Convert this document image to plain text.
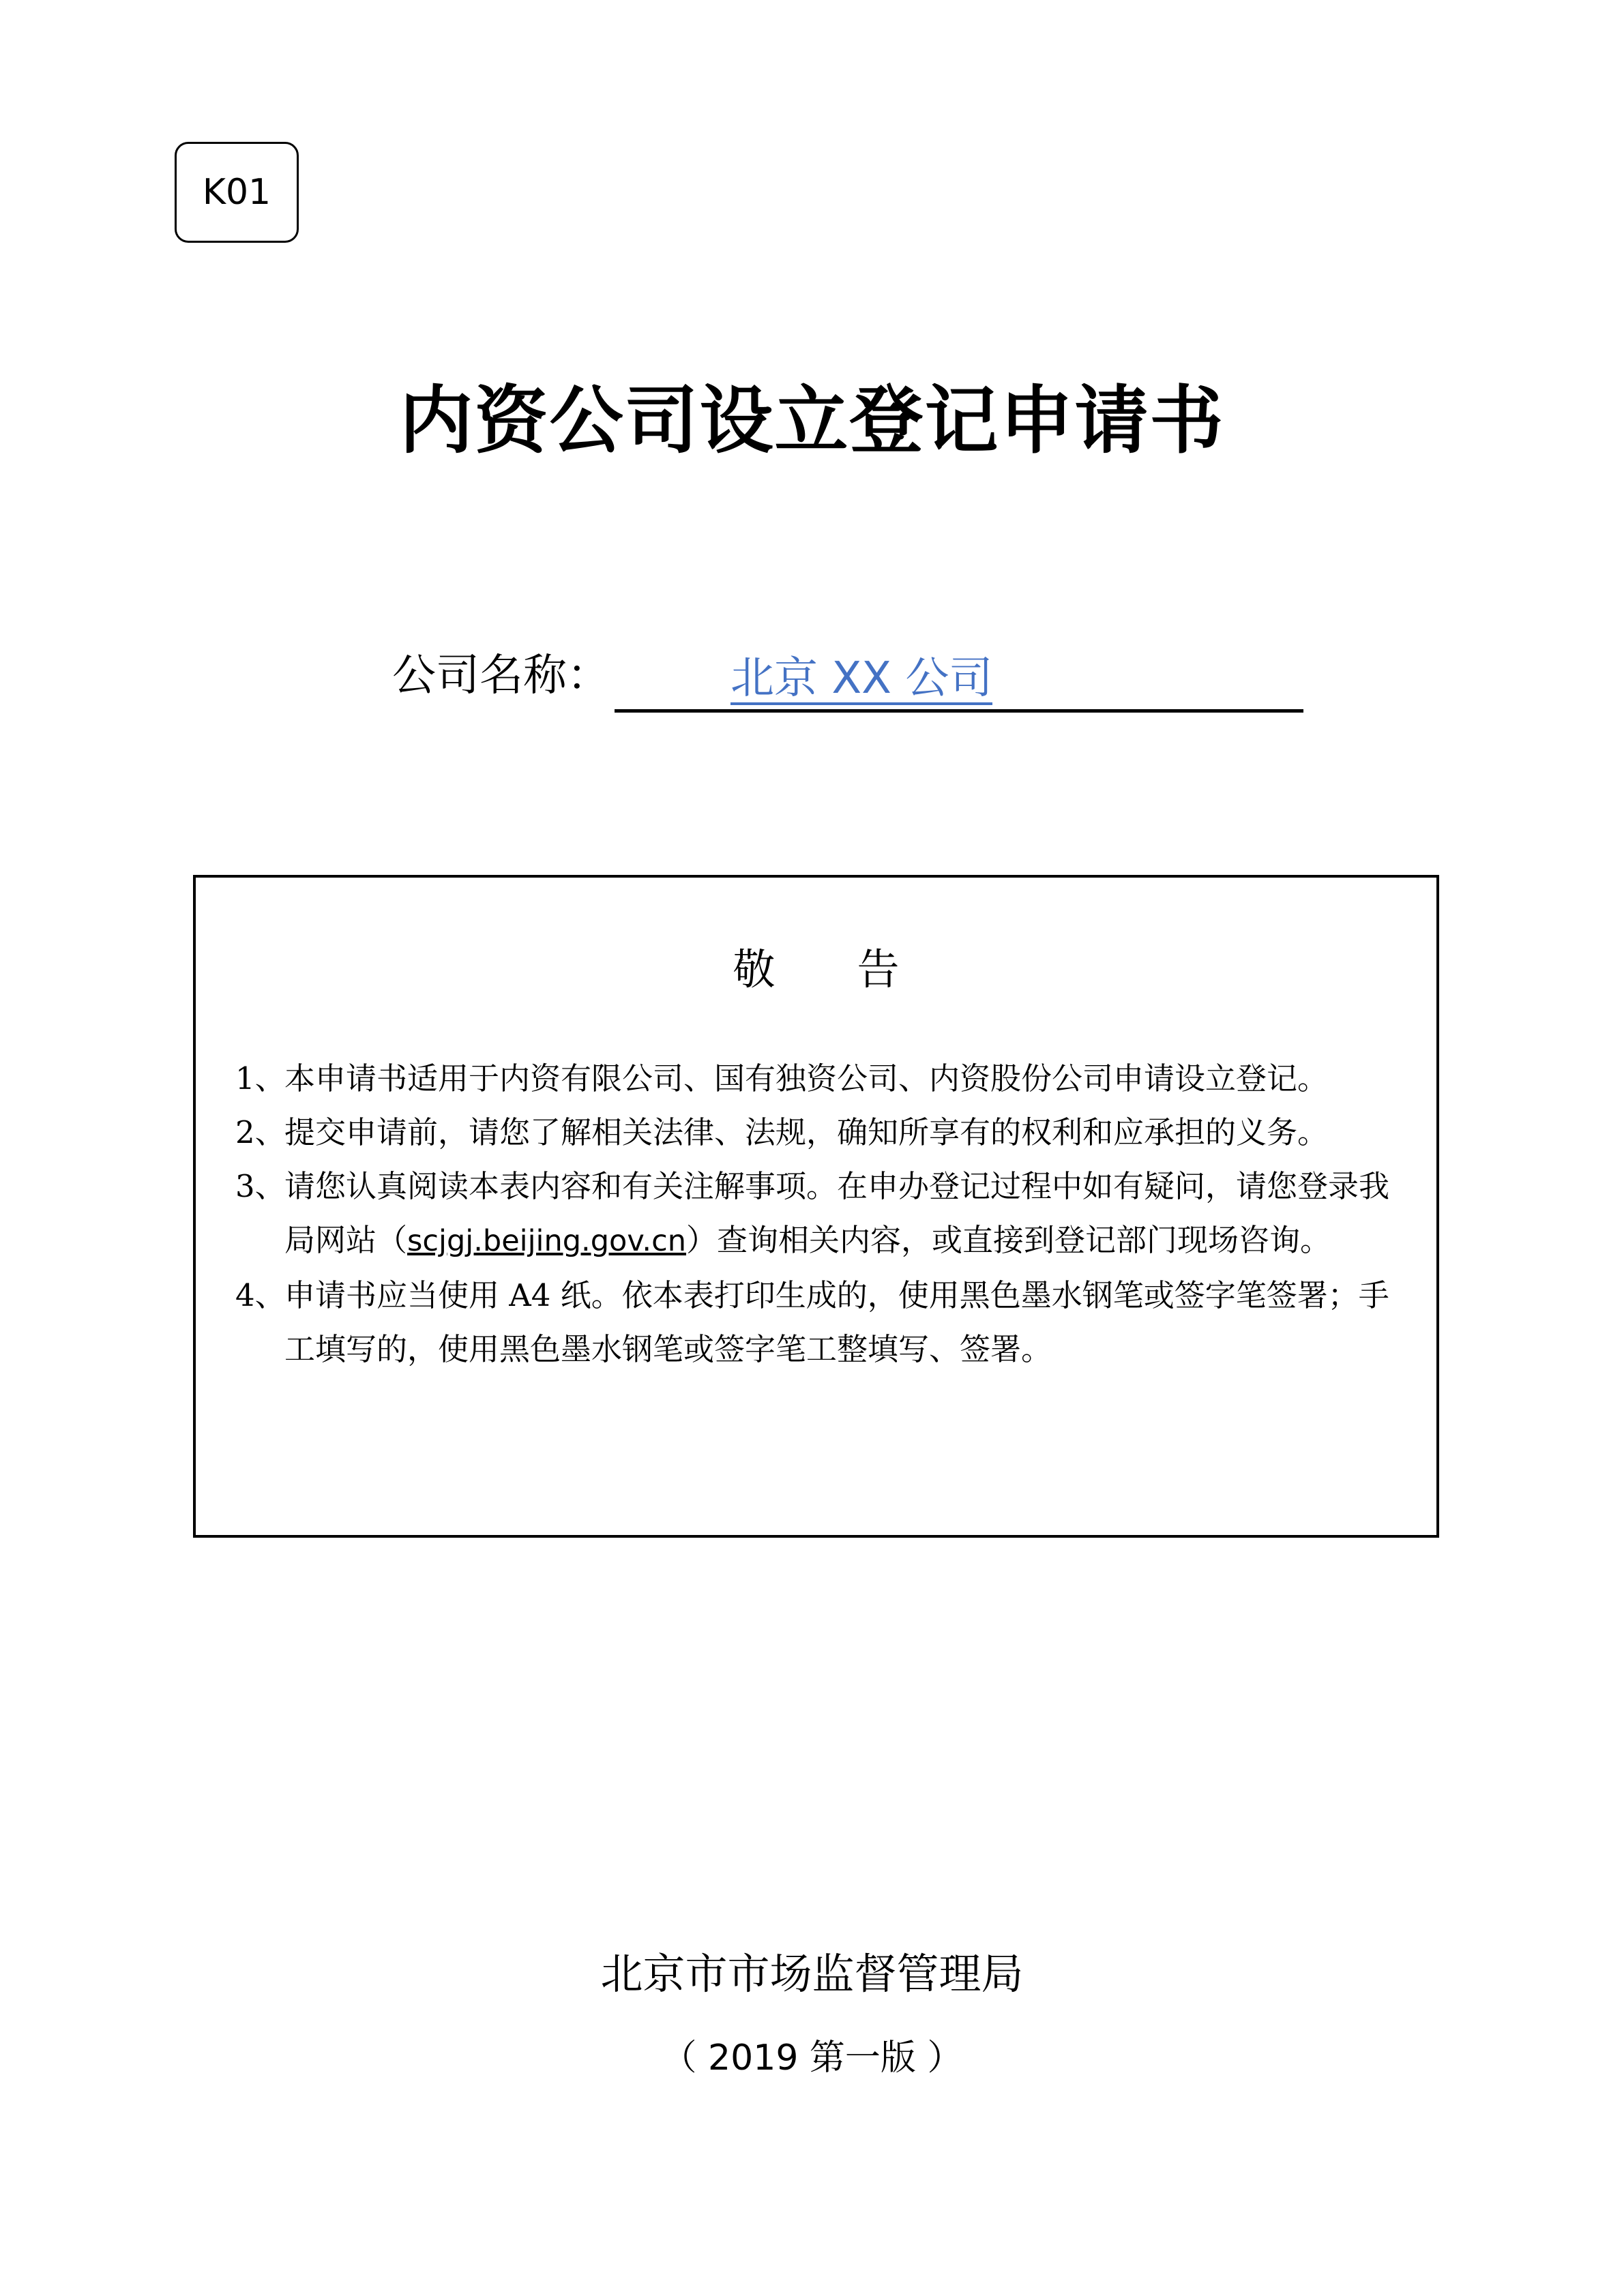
K01
内资公司设立登记申请书
公司名称：	北京 XX 公司
敬告
1、
本申请书适用于内资有限公司、国有独资公司、内资股份公司申请设立登记。
2、
提交申请前，请您了解相关法律、法规，确知所享有的权利和应承担的义务。
3、
请您认真阅读本表内容和有关注解事项。在申办登记过程中如有疑问，请您登录我局网站（scjgj.beijing.gov.cn）查询相关内容，或直接到登记部门现场咨询。
4、
申请书应当使用 A4 纸。依本表打印生成的，使用黑色墨水钢笔或签字笔签署；手工填写的，使用黑色墨水钢笔或签字笔工整填写、签署。
北京市市场监督管理局
（ 2019 第一版 ）
